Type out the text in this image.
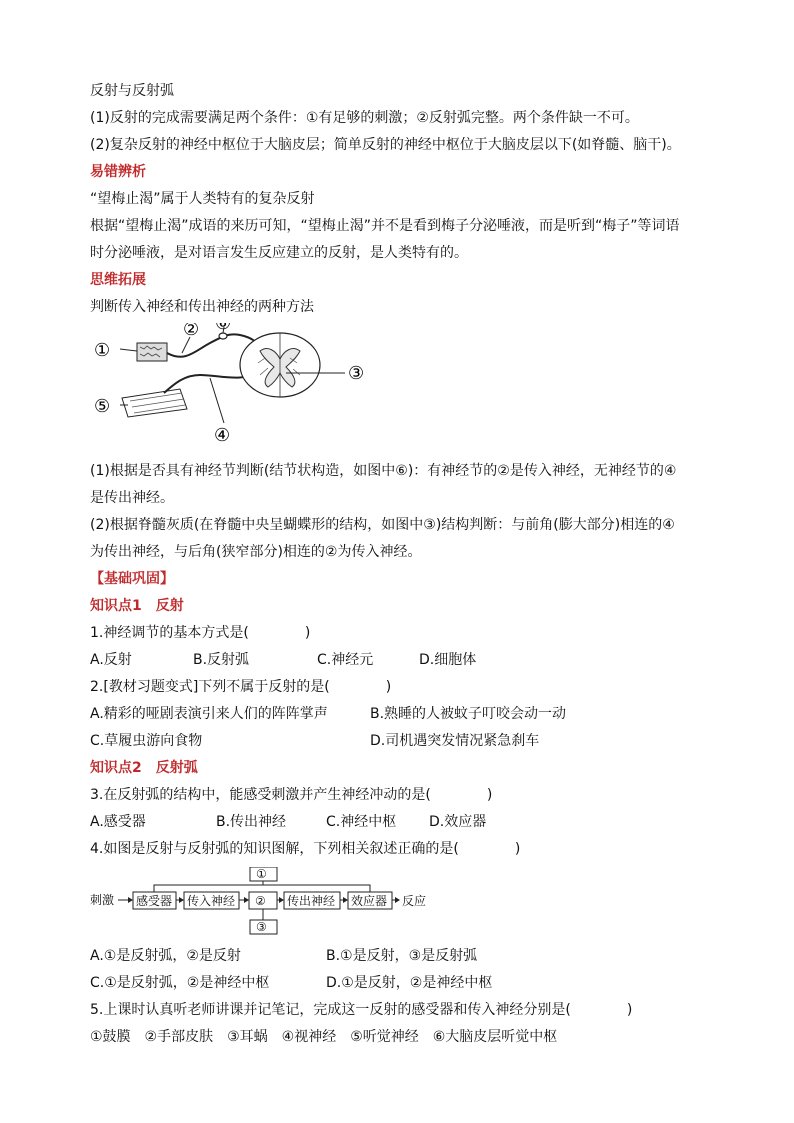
反射与反射弧
(1)反射的完成需要满足两个条件：①有足够的刺激；②反射弧完整。两个条件缺一不可。
(2)复杂反射的神经中枢位于大脑皮层；简单反射的神经中枢位于大脑皮层以下(如脊髓、脑干)。
易错辨析
“望梅止渴”属于人类特有的复杂反射
根据“望梅止渴”成语的来历可知，“望梅止渴”并不是看到梅子分泌唾液，而是听到“梅子”等词语
时分泌唾液，是对语言发生反应建立的反射，是人类特有的。
思维拓展
判断传入神经和传出神经的两种方法
①
②
③
④
⑤
⑥
(1)根据是否具有神经节判断(结节状构造，如图中⑥)：有神经节的②是传入神经，无神经节的④
是传出神经。
(2)根据脊髓灰质(在脊髓中央呈蝴蝶形的结构，如图中③)结构判断：与前角(膨大部分)相连的④
为传出神经，与后角(狭窄部分)相连的②为传入神经。
【基础巩固】
知识点1　反射
1.神经调节的基本方式是(　　　　)
A.反射	B.反射弧	C.神经元	D.细胞体
2.[教材习题变式]下列不属于反射的是(　　　　)
A.精彩的哑剧表演引来人们的阵阵掌声	B.熟睡的人被蚊子叮咬会动一动
C.草履虫游向食物	D.司机遇突发情况紧急刹车
知识点2　反射弧
3.在反射弧的结构中，能感受刺激并产生神经冲动的是(　　　　)
A.感受器	B.传出神经	C.神经中枢	D.效应器
4.如图是反射与反射弧的知识图解，下列相关叙述正确的是(　　　　)
刺激 感受器 传入神经 ② 传出神经 效应器 反应
①
③
A.①是反射弧，②是反射	B.①是反射，③是反射弧
C.①是反射弧，②是神经中枢	D.①是反射，②是神经中枢
5.上课时认真听老师讲课并记笔记，完成这一反射的感受器和传入神经分别是(　　　　)
①鼓膜　②手部皮肤　③耳蜗　④视神经　⑤听觉神经　⑥大脑皮层听觉中枢
